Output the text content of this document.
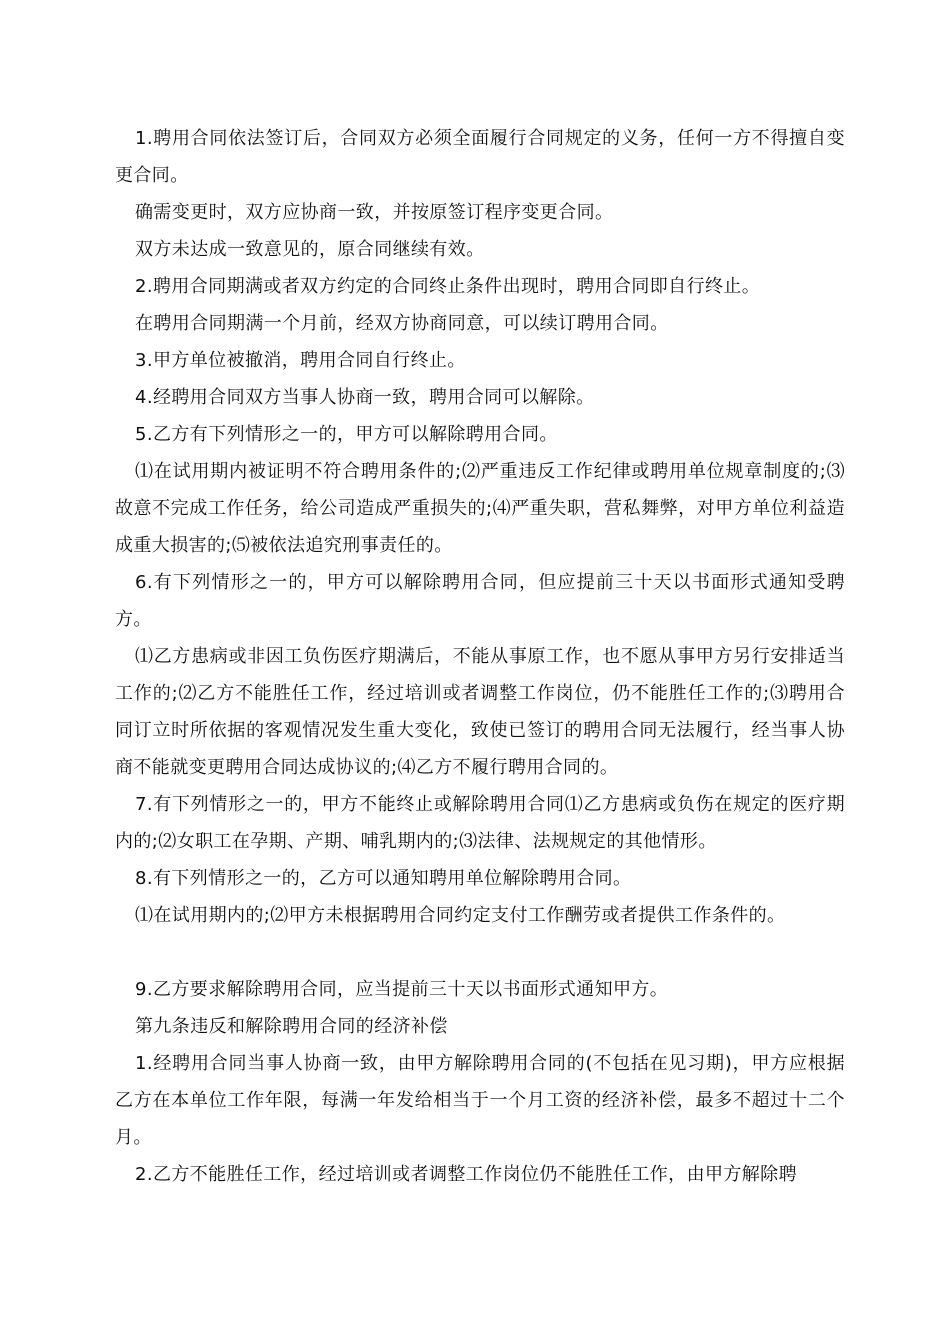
1.聘用合同依法签订后，合同双方必须全面履行合同规定的义务，任何一方不得擅自变更合同。

确需变更时，双方应协商一致，并按原签订程序变更合同。

双方未达成一致意见的，原合同继续有效。

2.聘用合同期满或者双方约定的合同终止条件出现时，聘用合同即自行终止。

在聘用合同期满一个月前，经双方协商同意，可以续订聘用合同。

3.甲方单位被撤消，聘用合同自行终止。

4.经聘用合同双方当事人协商一致，聘用合同可以解除。

5.乙方有下列情形之一的，甲方可以解除聘用合同。

⑴在试用期内被证明不符合聘用条件的;⑵严重违反工作纪律或聘用单位规章制度的;⑶故意不完成工作任务，给公司造成严重损失的;⑷严重失职，营私舞弊，对甲方单位利益造成重大损害的;⑸被依法追究刑事责任的。

6.有下列情形之一的，甲方可以解除聘用合同，但应提前三十天以书面形式通知受聘方。

⑴乙方患病或非因工负伤医疗期满后，不能从事原工作，也不愿从事甲方另行安排适当工作的;⑵乙方不能胜任工作，经过培训或者调整工作岗位，仍不能胜任工作的;⑶聘用合同订立时所依据的客观情况发生重大变化，致使已签订的聘用合同无法履行，经当事人协商不能就变更聘用合同达成协议的;⑷乙方不履行聘用合同的。

7.有下列情形之一的，甲方不能终止或解除聘用合同⑴乙方患病或负伤在规定的医疗期内的;⑵女职工在孕期、产期、哺乳期内的;⑶法律、法规规定的其他情形。

8.有下列情形之一的，乙方可以通知聘用单位解除聘用合同。

⑴在试用期内的;⑵甲方未根据聘用合同约定支付工作酬劳或者提供工作条件的。

9.乙方要求解除聘用合同，应当提前三十天以书面形式通知甲方。

第九条违反和解除聘用合同的经济补偿

1.经聘用合同当事人协商一致，由甲方解除聘用合同的(不包括在见习期)，甲方应根据乙方在本单位工作年限，每满一年发给相当于一个月工资的经济补偿，最多不超过十二个月。

2.乙方不能胜任工作，经过培训或者调整工作岗位仍不能胜任工作，由甲方解除聘
